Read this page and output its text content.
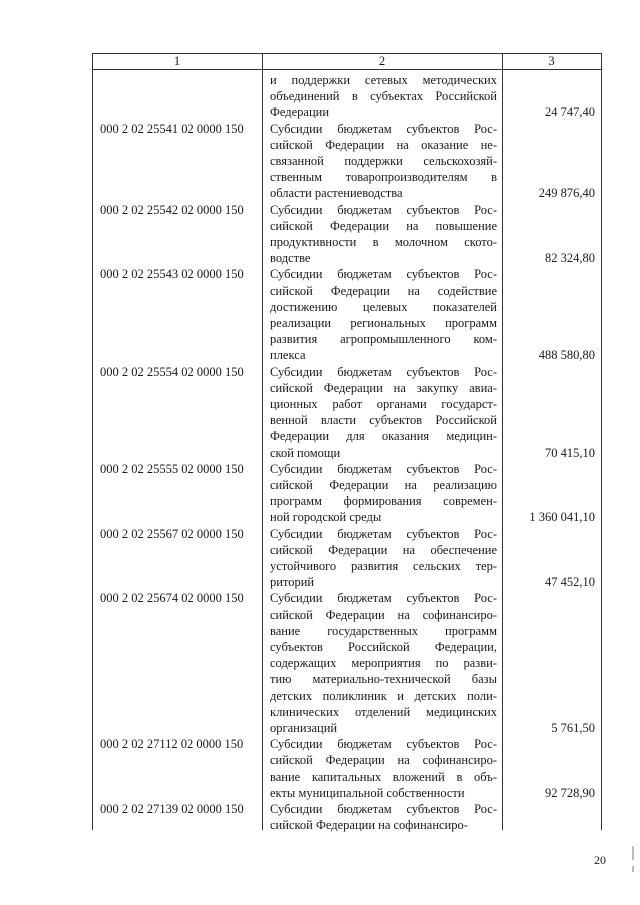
1	2	3
и поддержки сетевых методических
объединений в субъектах Российской
Федерации	24 747,40
000 2 02 25541 02 0000 150 Субсидии бюджетам субъектов Рос-
сийской Федерации на оказание не-
связанной поддержки сельскохозяй-
ственным товаропроизводителям в
области растениеводства	249 876,40
000 2 02 25542 02 0000 150 Субсидии бюджетам субъектов Рос-
сийской Федерации на повышение
продуктивности в молочном ското-
водстве	82 324,80
000 2 02 25543 02 0000 150 Субсидии бюджетам субъектов Рос-
сийской Федерации на содействие
достижению целевых показателей
реализации региональных программ
развития агропромышленного ком-
плекса	488 580,80
000 2 02 25554 02 0000 150 Субсидии бюджетам субъектов Рос-
сийской Федерации на закупку авиа-
ционных работ органами государст-
венной власти субъектов Российской
Федерации для оказания медицин-
ской помощи	70 415,10
000 2 02 25555 02 0000 150 Субсидии бюджетам субъектов Рос-
сийской Федерации на реализацию
программ формирования современ-
ной городской среды	1 360 041,10
000 2 02 25567 02 0000 150 Субсидии бюджетам субъектов Рос-
сийской Федерации на обеспечение
устойчивого развития сельских тер-
риторий	47 452,10
000 2 02 25674 02 0000 150 Субсидии бюджетам субъектов Рос-
сийской Федерации на софинансиро-
вание государственных программ
субъектов Российской Федерации,
содержащих мероприятия по разви-
тию материально-технической базы
детских поликлиник и детских поли-
клинических отделений медицинских
организаций	5 761,50
000 2 02 27112 02 0000 150 Субсидии бюджетам субъектов Рос-
сийской Федерации на софинансиро-
вание капитальных вложений в объ-
екты муниципальной собственности	92 728,90
000 2 02 27139 02 0000 150 Субсидии бюджетам субъектов Рос-
сийской Федерации на софинансиро-
20
